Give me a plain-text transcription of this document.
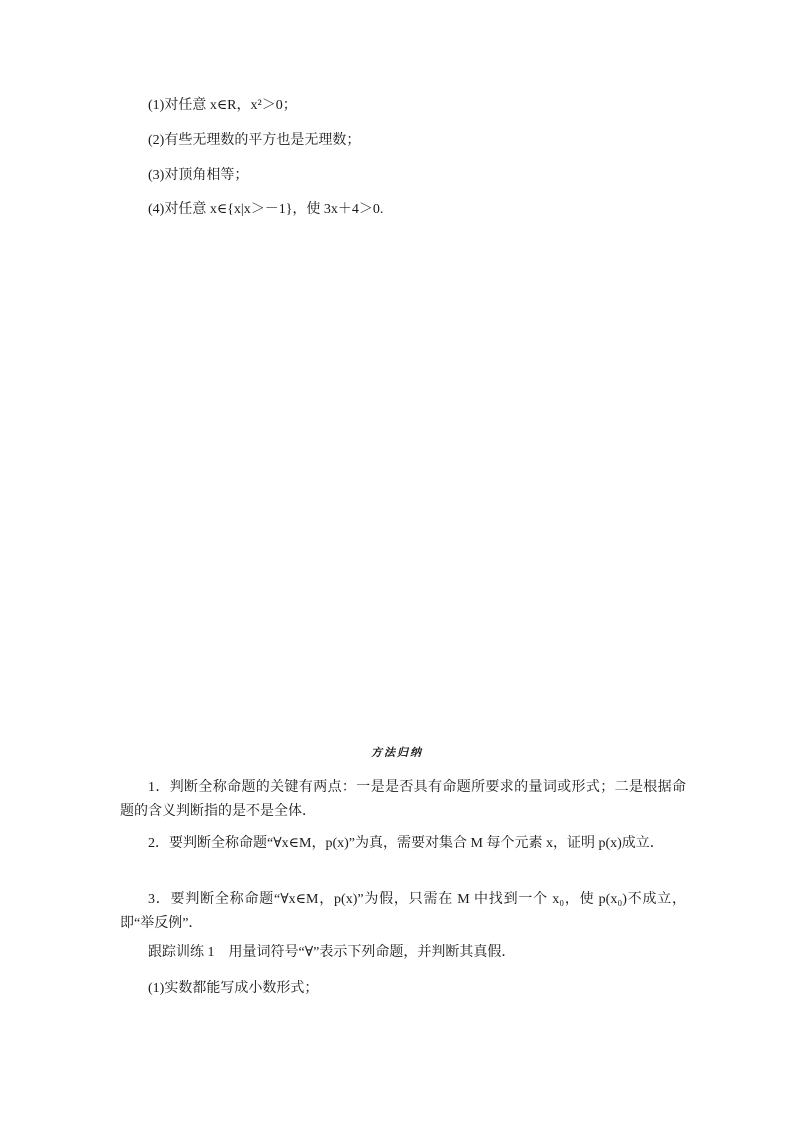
(1)对任意 x∈R，x²＞0；
(2)有些无理数的平方也是无理数；
(3)对顶角相等；
(4)对任意 x∈{x|x＞－1}，使 3x＋4＞0.
方法归纳
1．判断全称命题的关键有两点：一是是否具有命题所要求的量词或形式；二是根据命题的含义判断指的是不是全体．
2．要判断全称命题“∀x∈M，p(x)”为真，需要对集合 M 每个元素 x，证明 p(x)成立．
3．要判断全称命题“∀x∈M，p(x)”为假，只需在 M 中找到一个 x₀，使 p(x₀)不成立，即“举反例”．
跟踪训练 1　用量词符号“∀”表示下列命题，并判断其真假．
(1)实数都能写成小数形式；
